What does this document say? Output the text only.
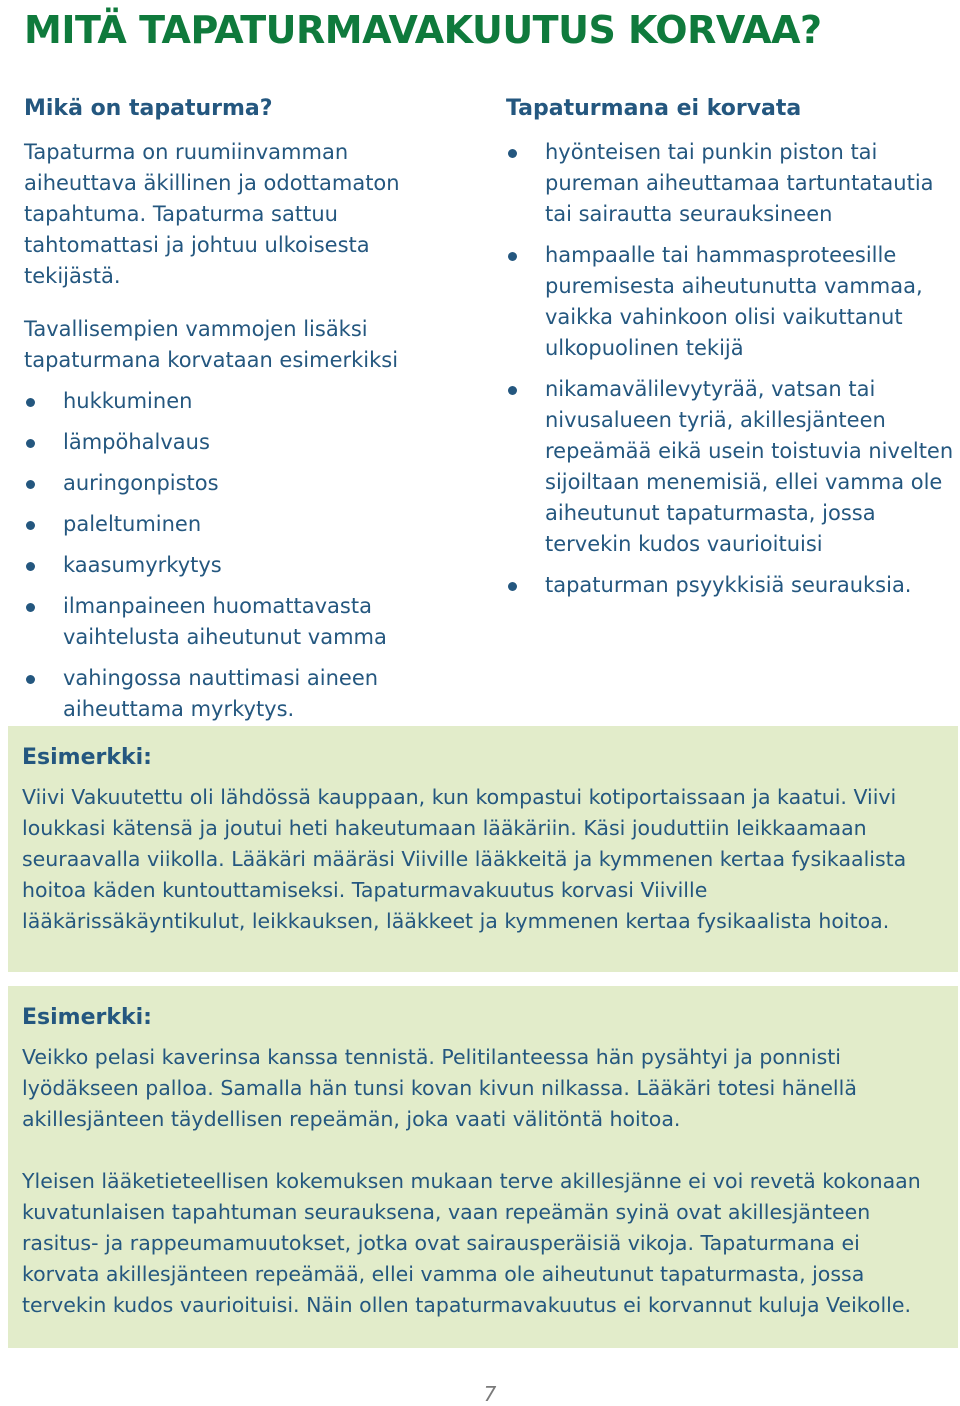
MITÄ TAPATURMAVAKUUTUS KORVAA?
Mikä on tapaturma?

Tapaturma on ruumiinvamman aiheuttava äkillinen ja odottamaton tapahtuma. Tapaturma sattuu tahtomattasi ja johtuu ulkoisesta tekijästä.

Tavallisempien vammojen lisäksi tapaturmana korvataan esimerkiksi

hukkuminen
lämpöhalvaus
auringonpistos
paleltuminen
kaasumyrkytys
ilmanpaineen huomattavasta vaihtelusta aiheutunut vamma
vahingossa nauttimasi aineen aiheuttama myrkytys.
Tapaturmana ei korvata
hyönteisen tai punkin piston tai pureman aiheuttamaa tartuntatautia tai sairautta seurauksineen
hampaalle tai hammasproteesille puremisesta aiheutunutta vammaa, vaikka vahinkoon olisi vaikuttanut ulkopuolinen tekijä
nikamavälilevytyrää, vatsan tai nivusalueen tyriä, akillesjänteen repeämää eikä usein toistuvia nivelten sijoiltaan menemisiä, ellei vamma ole aiheutunut tapaturmasta, jossa tervekin kudos vaurioituisi
tapaturman psyykkisiä seurauksia.

Esimerkki:

Viivi Vakuutettu oli lähdössä kauppaan, kun kompastui kotiportaissaan ja kaatui. Viivi loukkasi kätensä ja joutui heti hakeutumaan lääkäriin. Käsi jouduttiin leikkaamaan seuraavalla viikolla. Lääkäri määräsi Viiville lääkkeitä ja kymmenen kertaa fysikaalista hoitoa käden kuntouttamiseksi. Tapaturmavakuutus korvasi Viiville lääkärissäkäyntikulut, leikkauksen, lääkkeet ja kymmenen kertaa fysikaalista hoitoa.

Esimerkki:

Veikko pelasi kaverinsa kanssa tennistä. Pelitilanteessa hän pysähtyi ja ponnisti lyödäkseen palloa. Samalla hän tunsi kovan kivun nilkassa. Lääkäri totesi hänellä akillesjänteen täydellisen repeämän, joka vaati välitöntä hoitoa.

Yleisen lääketieteellisen kokemuksen mukaan terve akillesjänne ei voi revetä kokonaan kuvatunlaisen tapahtuman seurauksena, vaan repeämän syinä ovat akillesjänteen rasitus- ja rappeumamuutokset, jotka ovat sairausperäisiä vikoja. Tapaturmana ei korvata akillesjänteen repeämää, ellei vamma ole aiheutunut tapaturmasta, jossa tervekin kudos vaurioituisi. Näin ollen tapaturmavakuutus ei korvannut kuluja Veikolle.

7
